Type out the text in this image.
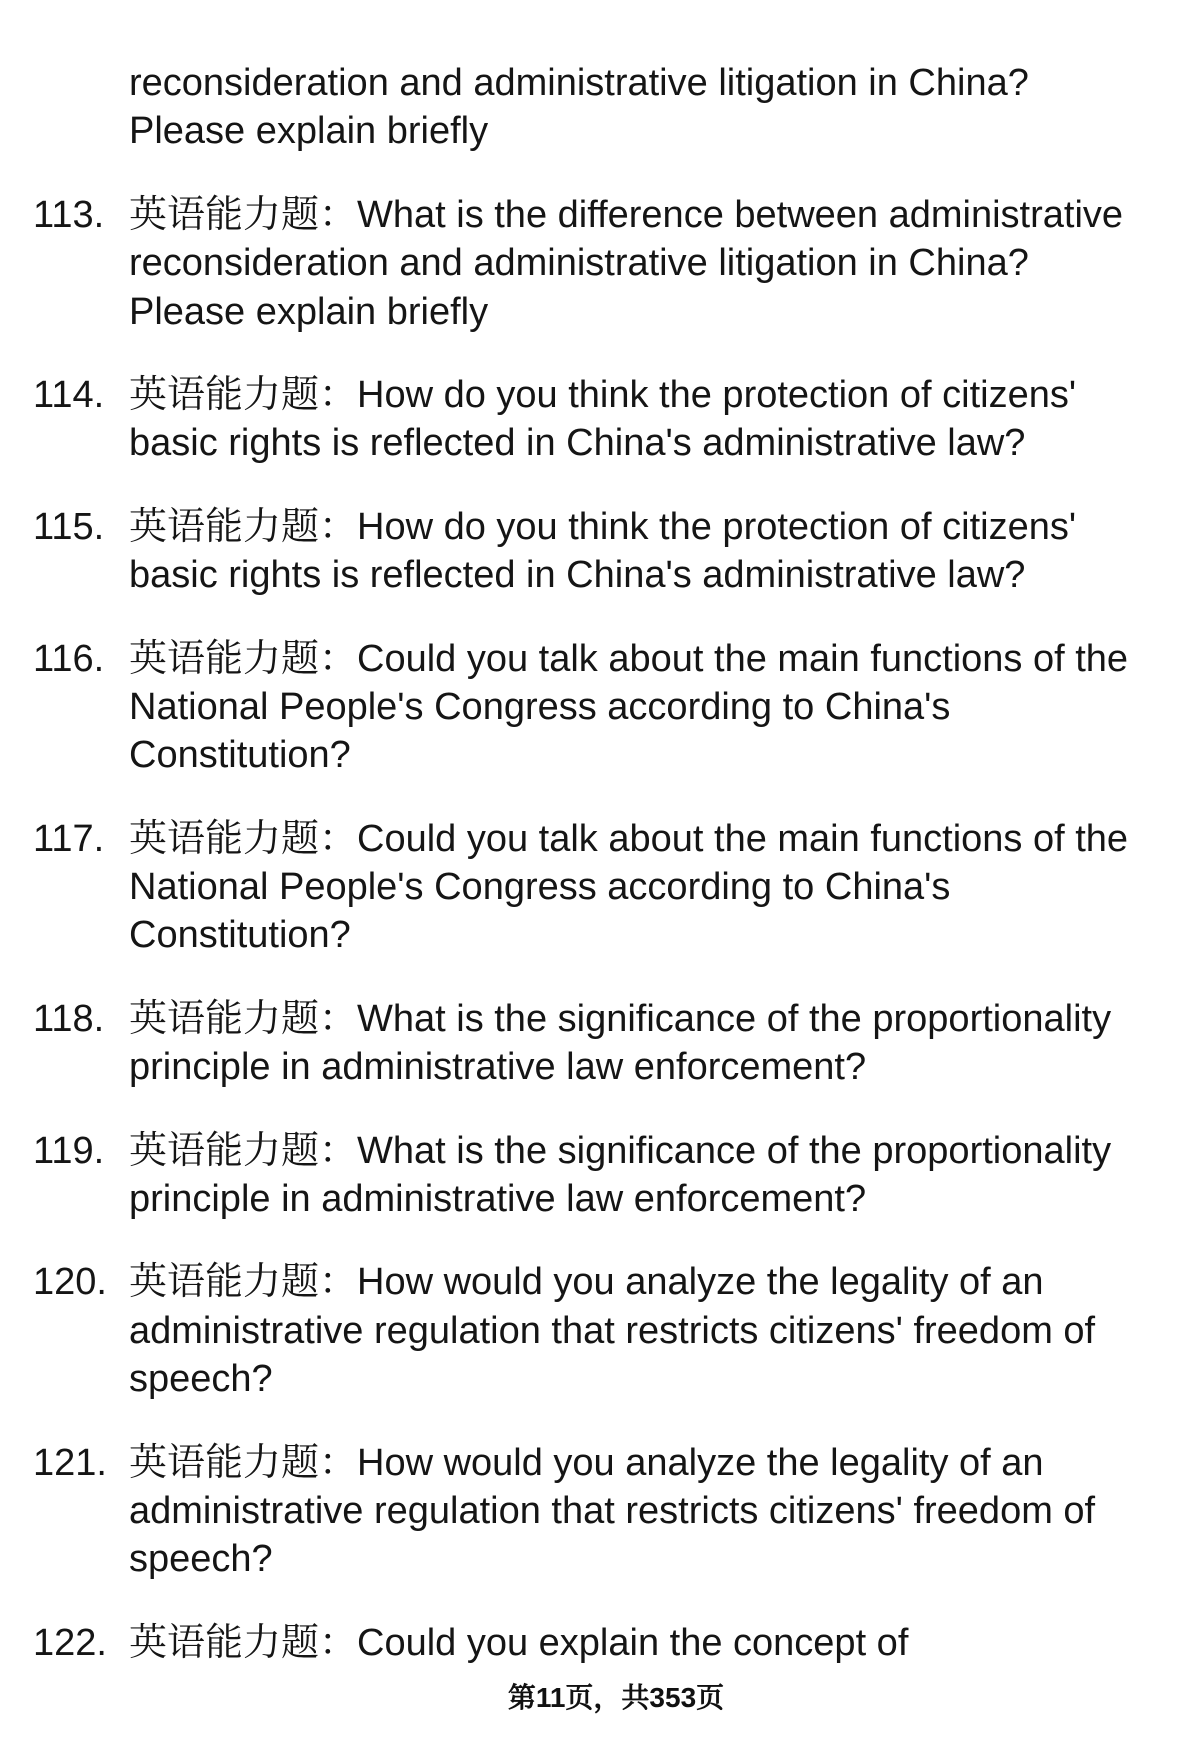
reconsideration and administrative litigation in China?
Please explain briefly
113. 英语能力题：What is the difference between administrative
reconsideration and administrative litigation in China?
Please explain briefly
114. 英语能力题：How do you think the protection of citizens'
basic rights is reflected in China's administrative law?
115. 英语能力题：How do you think the protection of citizens'
basic rights is reflected in China's administrative law?
116. 英语能力题：Could you talk about the main functions of the
National People's Congress according to China's
Constitution?
117. 英语能力题：Could you talk about the main functions of the
National People's Congress according to China's
Constitution?
118. 英语能力题：What is the significance of the proportionality
principle in administrative law enforcement?
119. 英语能力题：What is the significance of the proportionality
principle in administrative law enforcement?
120. 英语能力题：How would you analyze the legality of an
administrative regulation that restricts citizens' freedom of
speech?
121. 英语能力题：How would you analyze the legality of an
administrative regulation that restricts citizens' freedom of
speech?
122. 英语能力题：Could you explain the concept of
第11页，共353页
